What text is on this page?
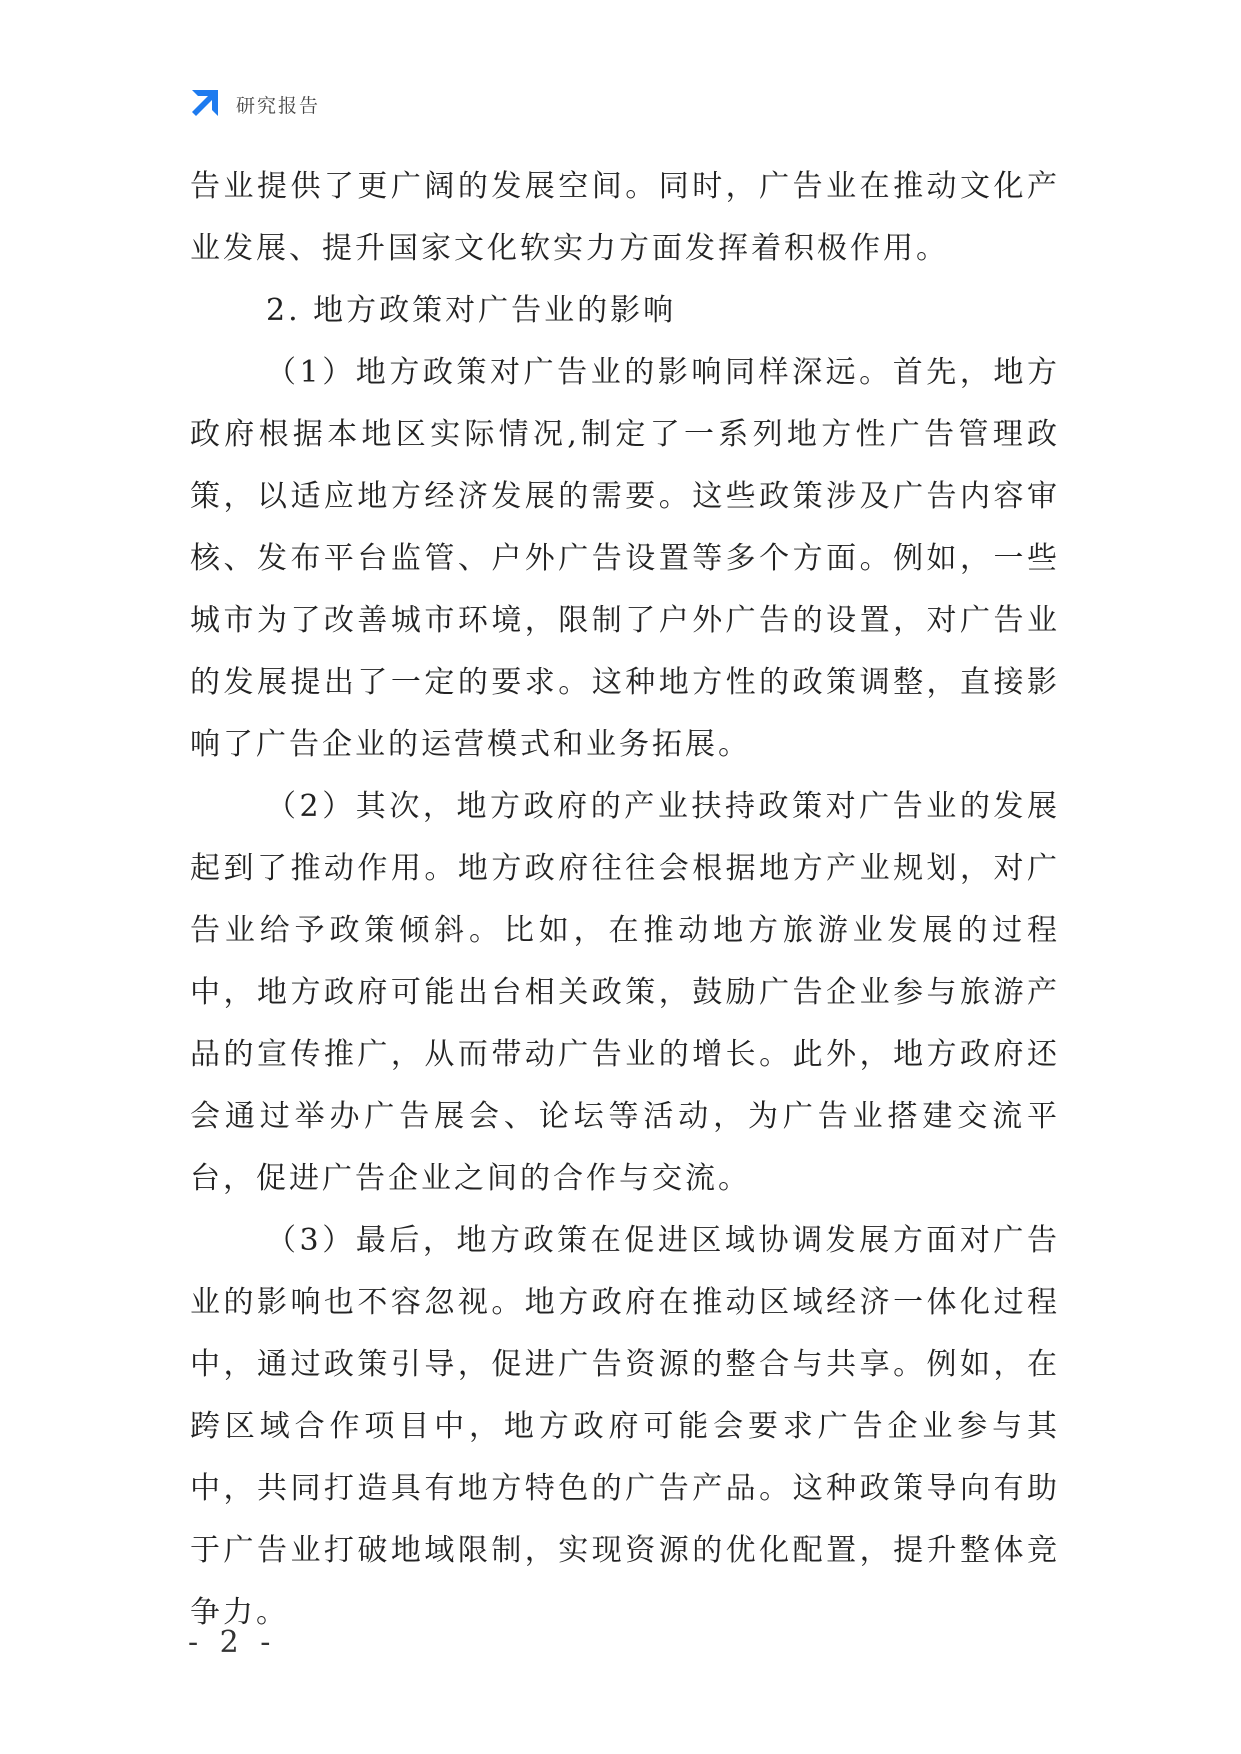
研究报告

告业提供了更广阔的发展空间。同时，广告业在推动文化产业发展、提升国家文化软实力方面发挥着积极作用。

2. 地方政策对广告业的影响

（1）地方政策对广告业的影响同样深远。首先，地方政府根据本地区实际情况,制定了一系列地方性广告管理政策，以适应地方经济发展的需要。这些政策涉及广告内容审核、发布平台监管、户外广告设置等多个方面。例如，一些城市为了改善城市环境，限制了户外广告的设置，对广告业的发展提出了一定的要求。这种地方性的政策调整，直接影响了广告企业的运营模式和业务拓展。

（2）其次，地方政府的产业扶持政策对广告业的发展起到了推动作用。地方政府往往会根据地方产业规划，对广告业给予政策倾斜。比如，在推动地方旅游业发展的过程中，地方政府可能出台相关政策，鼓励广告企业参与旅游产品的宣传推广，从而带动广告业的增长。此外，地方政府还会通过举办广告展会、论坛等活动，为广告业搭建交流平台，促进广告企业之间的合作与交流。

（3）最后，地方政策在促进区域协调发展方面对广告业的影响也不容忽视。地方政府在推动区域经济一体化过程中，通过政策引导，促进广告资源的整合与共享。例如，在跨区域合作项目中，地方政府可能会要求广告企业参与其中，共同打造具有地方特色的广告产品。这种政策导向有助于广告业打破地域限制，实现资源的优化配置，提升整体竞争力。

- 2 -
